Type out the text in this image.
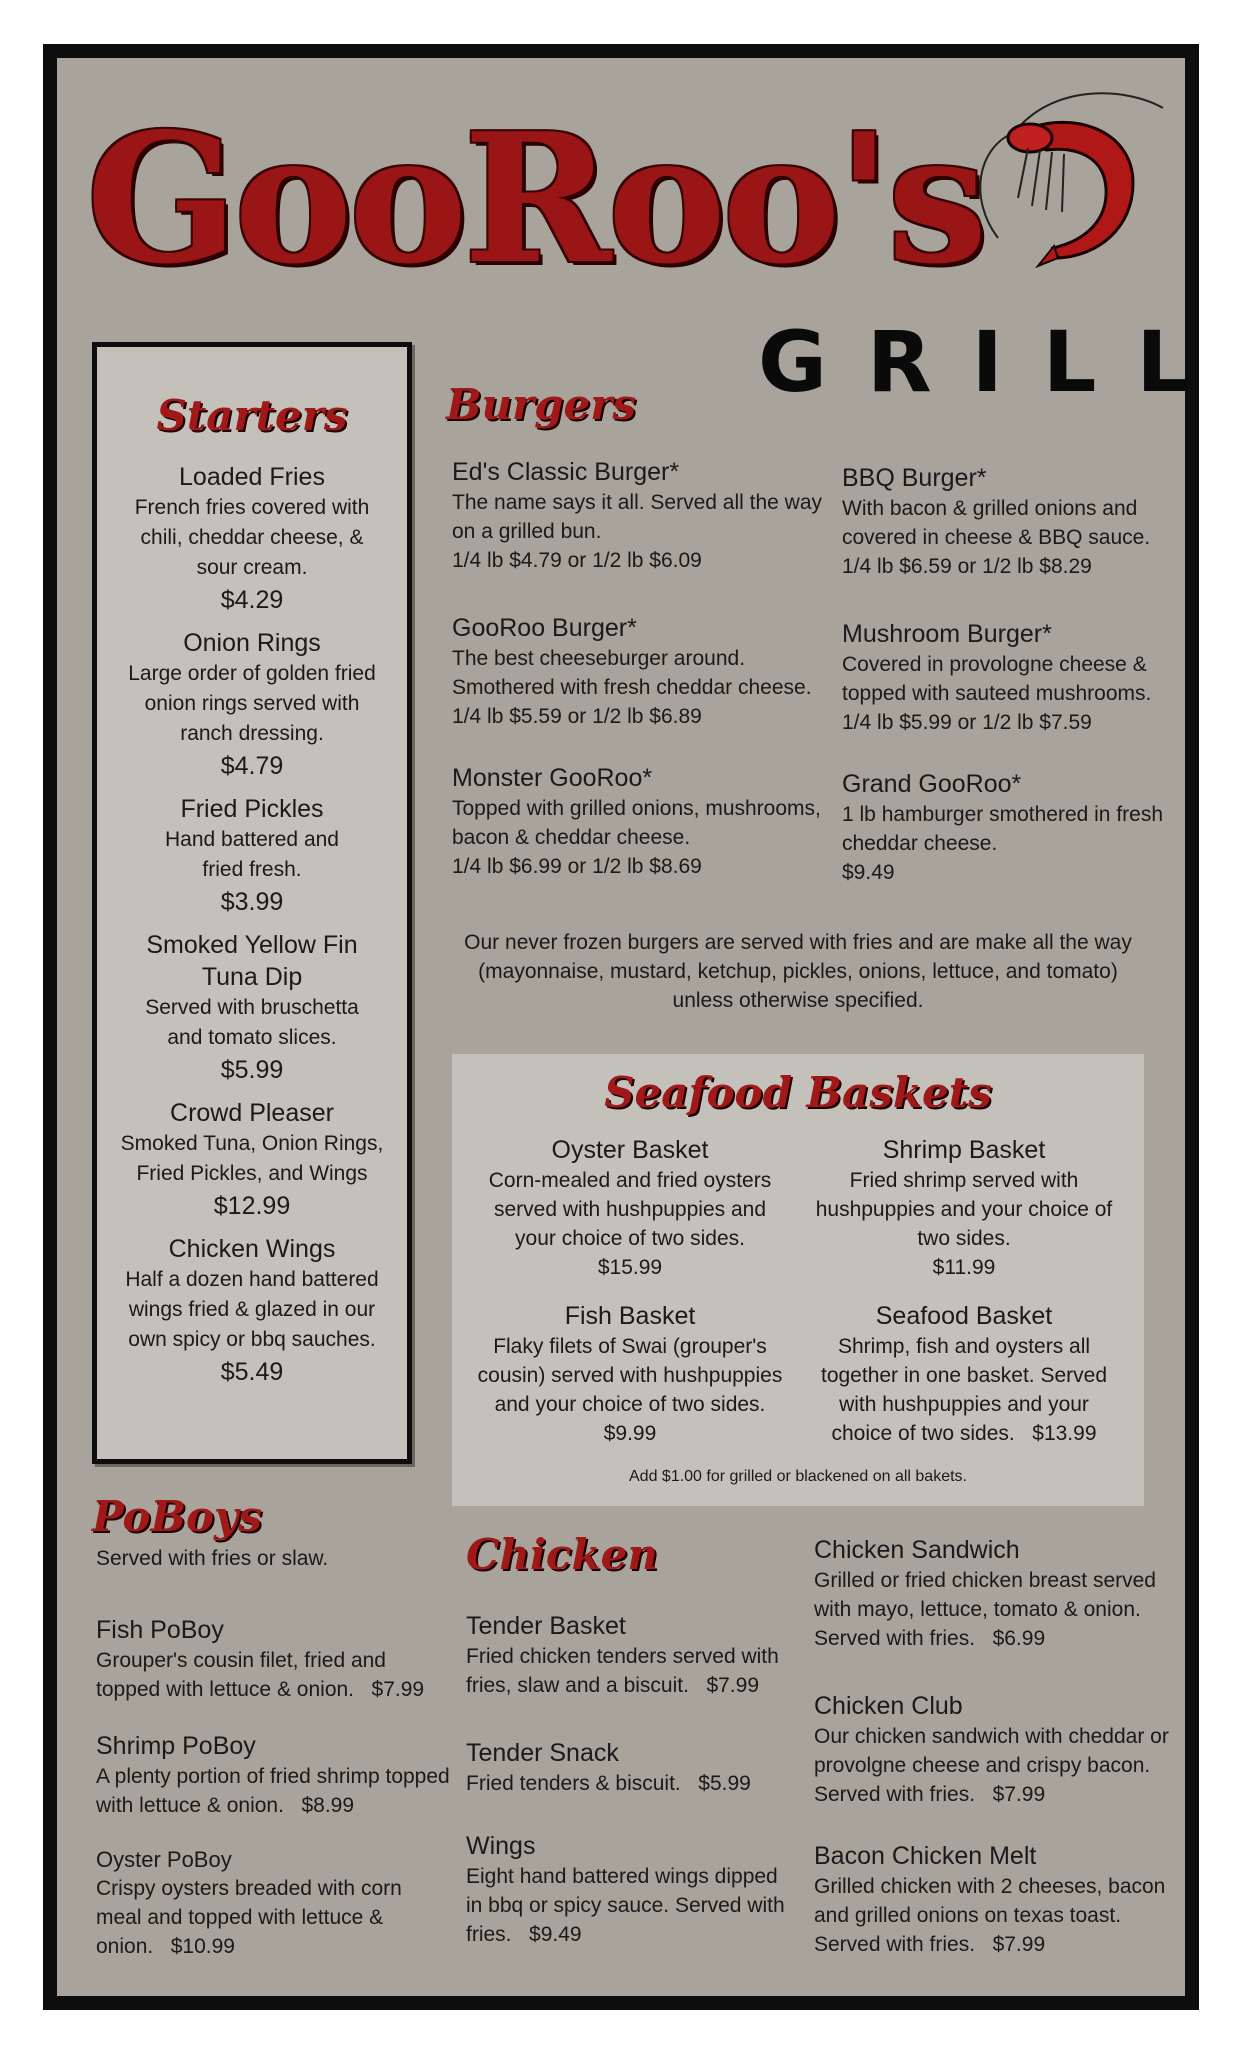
GooRoo's
GRILL
Starters
Loaded Fries
French fries covered with chili, cheddar cheese, & sour cream.
$4.29
Onion Rings
Large order of golden fried onion rings served with ranch dressing.
$4.79
Fried Pickles
Hand battered and fried fresh.
$3.99
Smoked Yellow Fin Tuna Dip
Served with bruschetta and tomato slices.
$5.99
Crowd Pleaser
Smoked Tuna, Onion Rings, Fried Pickles, and Wings
$12.99
Chicken Wings
Half a dozen hand battered wings fried & glazed in our own spicy or bbq sauches.
$5.49
Burgers
Ed's Classic Burger*
The name says it all. Served all the way on a grilled bun.
1/4 lb $4.79 or 1/2 lb $6.09
BBQ Burger*
With bacon & grilled onions and covered in cheese & BBQ sauce.
1/4 lb $6.59 or 1/2 lb $8.29
GooRoo Burger*
The best cheeseburger around. Smothered with fresh cheddar cheese.
1/4 lb $5.59 or 1/2 lb $6.89
Mushroom Burger*
Covered in provologne cheese & topped with sauteed mushrooms.
1/4 lb $5.99 or 1/2 lb $7.59
Monster GooRoo*
Topped with grilled onions, mushrooms, bacon & cheddar cheese.
1/4 lb $6.99 or 1/2 lb $8.69
Grand GooRoo*
1 lb hamburger smothered in fresh cheddar cheese.
$9.49
Our never frozen burgers are served with fries and are make all the way (mayonnaise, mustard, ketchup, pickles, onions, lettuce, and tomato) unless otherwise specified.
Seafood Baskets
Oyster Basket
Corn-mealed and fried oysters served with hushpuppies and your choice of two sides.
$15.99
Shrimp Basket
Fried shrimp served with hushpuppies and your choice of two sides.
$11.99
Fish Basket
Flaky filets of Swai (grouper's cousin) served with hushpuppies and your choice of two sides.
$9.99
Seafood Basket
Shrimp, fish and oysters all together in one basket. Served with hushpuppies and your choice of two sides.   $13.99
Add $1.00 for grilled or blackened on all bakets.
PoBoys
Served with fries or slaw.
Fish PoBoy
Grouper's cousin filet, fried and topped with lettuce & onion.   $7.99
Shrimp PoBoy
A plenty portion of fried shrimp topped with lettuce & onion.   $8.99
Oyster PoBoy
Crispy oysters breaded with corn meal and topped with lettuce & onion.   $10.99
Chicken
Tender Basket
Fried chicken tenders served with fries, slaw and a biscuit.   $7.99
Tender Snack
Fried tenders & biscuit.   $5.99
Wings
Eight hand battered wings dipped in bbq or spicy sauce. Served with fries.   $9.49
Chicken Sandwich
Grilled or fried chicken breast served with mayo, lettuce, tomato & onion. Served with fries.   $6.99
Chicken Club
Our chicken sandwich with cheddar or provolgne cheese and crispy bacon. Served with fries.   $7.99
Bacon Chicken Melt
Grilled chicken with 2 cheeses, bacon and grilled onions on texas toast. Served with fries.   $7.99
